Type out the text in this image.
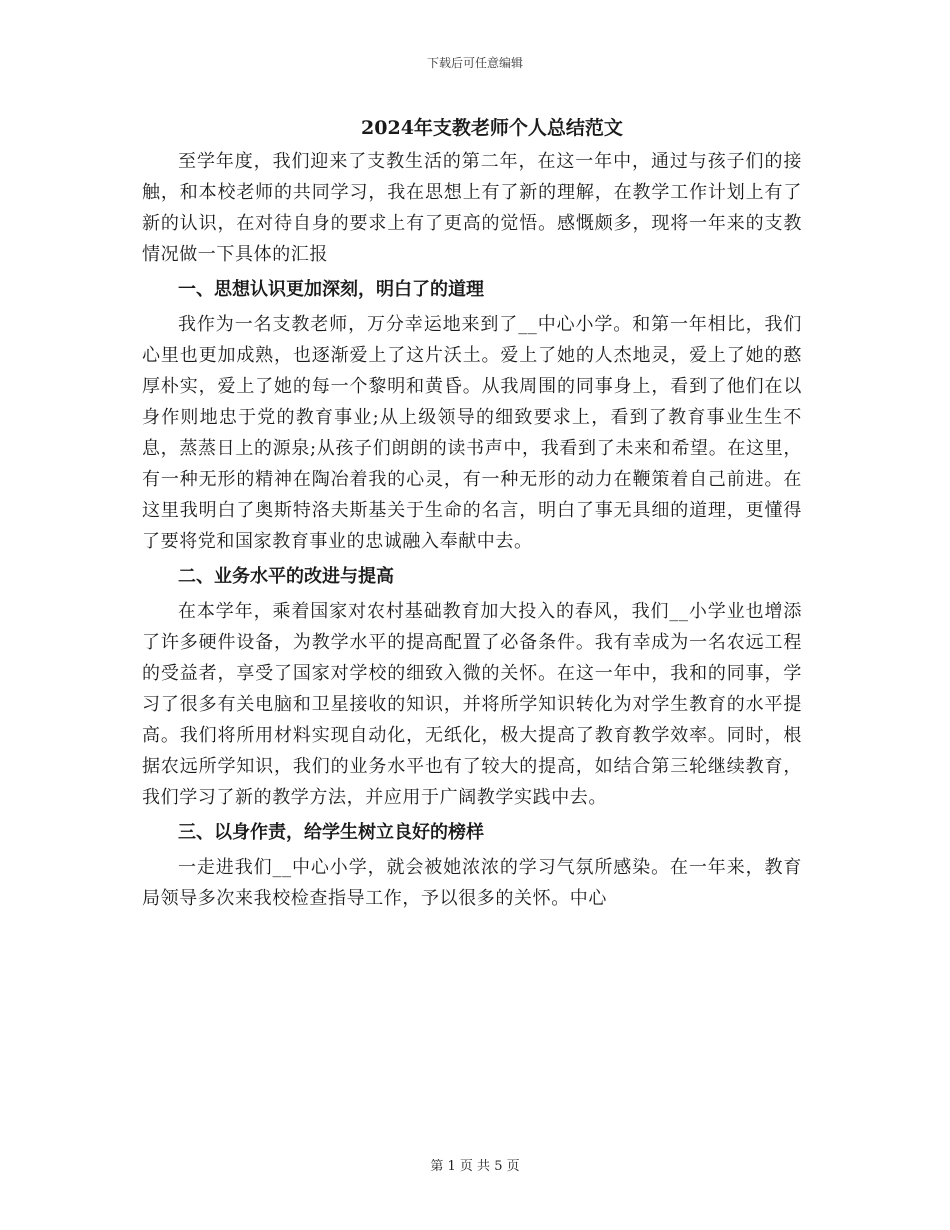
下载后可任意编辑
2024年支教老师个人总结范文

至学年度，我们迎来了支教生活的第二年，在这一年中，通过与孩子们的接触，和本校老师的共同学习，我在思想上有了新的理解，在教学工作计划上有了新的认识，在对待自身的要求上有了更高的觉悟。感慨颇多，现将一年来的支教情况做一下具体的汇报

一、思想认识更加深刻，明白了的道理

我作为一名支教老师，万分幸运地来到了__中心小学。和第一年相比，我们心里也更加成熟，也逐渐爱上了这片沃土。爱上了她的人杰地灵，爱上了她的憨厚朴实，爱上了她的每一个黎明和黄昏。从我周围的同事身上，看到了他们在以身作则地忠于党的教育事业;从上级领导的细致要求上，看到了教育事业生生不息，蒸蒸日上的源泉;从孩子们朗朗的读书声中，我看到了未来和希望。在这里，有一种无形的精神在陶冶着我的心灵，有一种无形的动力在鞭策着自己前进。在这里我明白了奥斯特洛夫斯基关于生命的名言，明白了事无具细的道理，更懂得了要将党和国家教育事业的忠诚融入奉献中去。

二、业务水平的改进与提高

在本学年，乘着国家对农村基础教育加大投入的春风，我们__小学业也增添了许多硬件设备，为教学水平的提高配置了必备条件。我有幸成为一名农远工程的受益者，享受了国家对学校的细致入微的关怀。在这一年中，我和的同事，学习了很多有关电脑和卫星接收的知识，并将所学知识转化为对学生教育的水平提高。我们将所用材料实现自动化，无纸化，极大提高了教育教学效率。同时，根据农远所学知识，我们的业务水平也有了较大的提高，如结合第三轮继续教育，我们学习了新的教学方法，并应用于广阔教学实践中去。

三、以身作责，给学生树立良好的榜样

一走进我们__中心小学，就会被她浓浓的学习气氛所感染。在一年来，教育局领导多次来我校检查指导工作，予以很多的关怀。中心

第 1 页 共 5 页
